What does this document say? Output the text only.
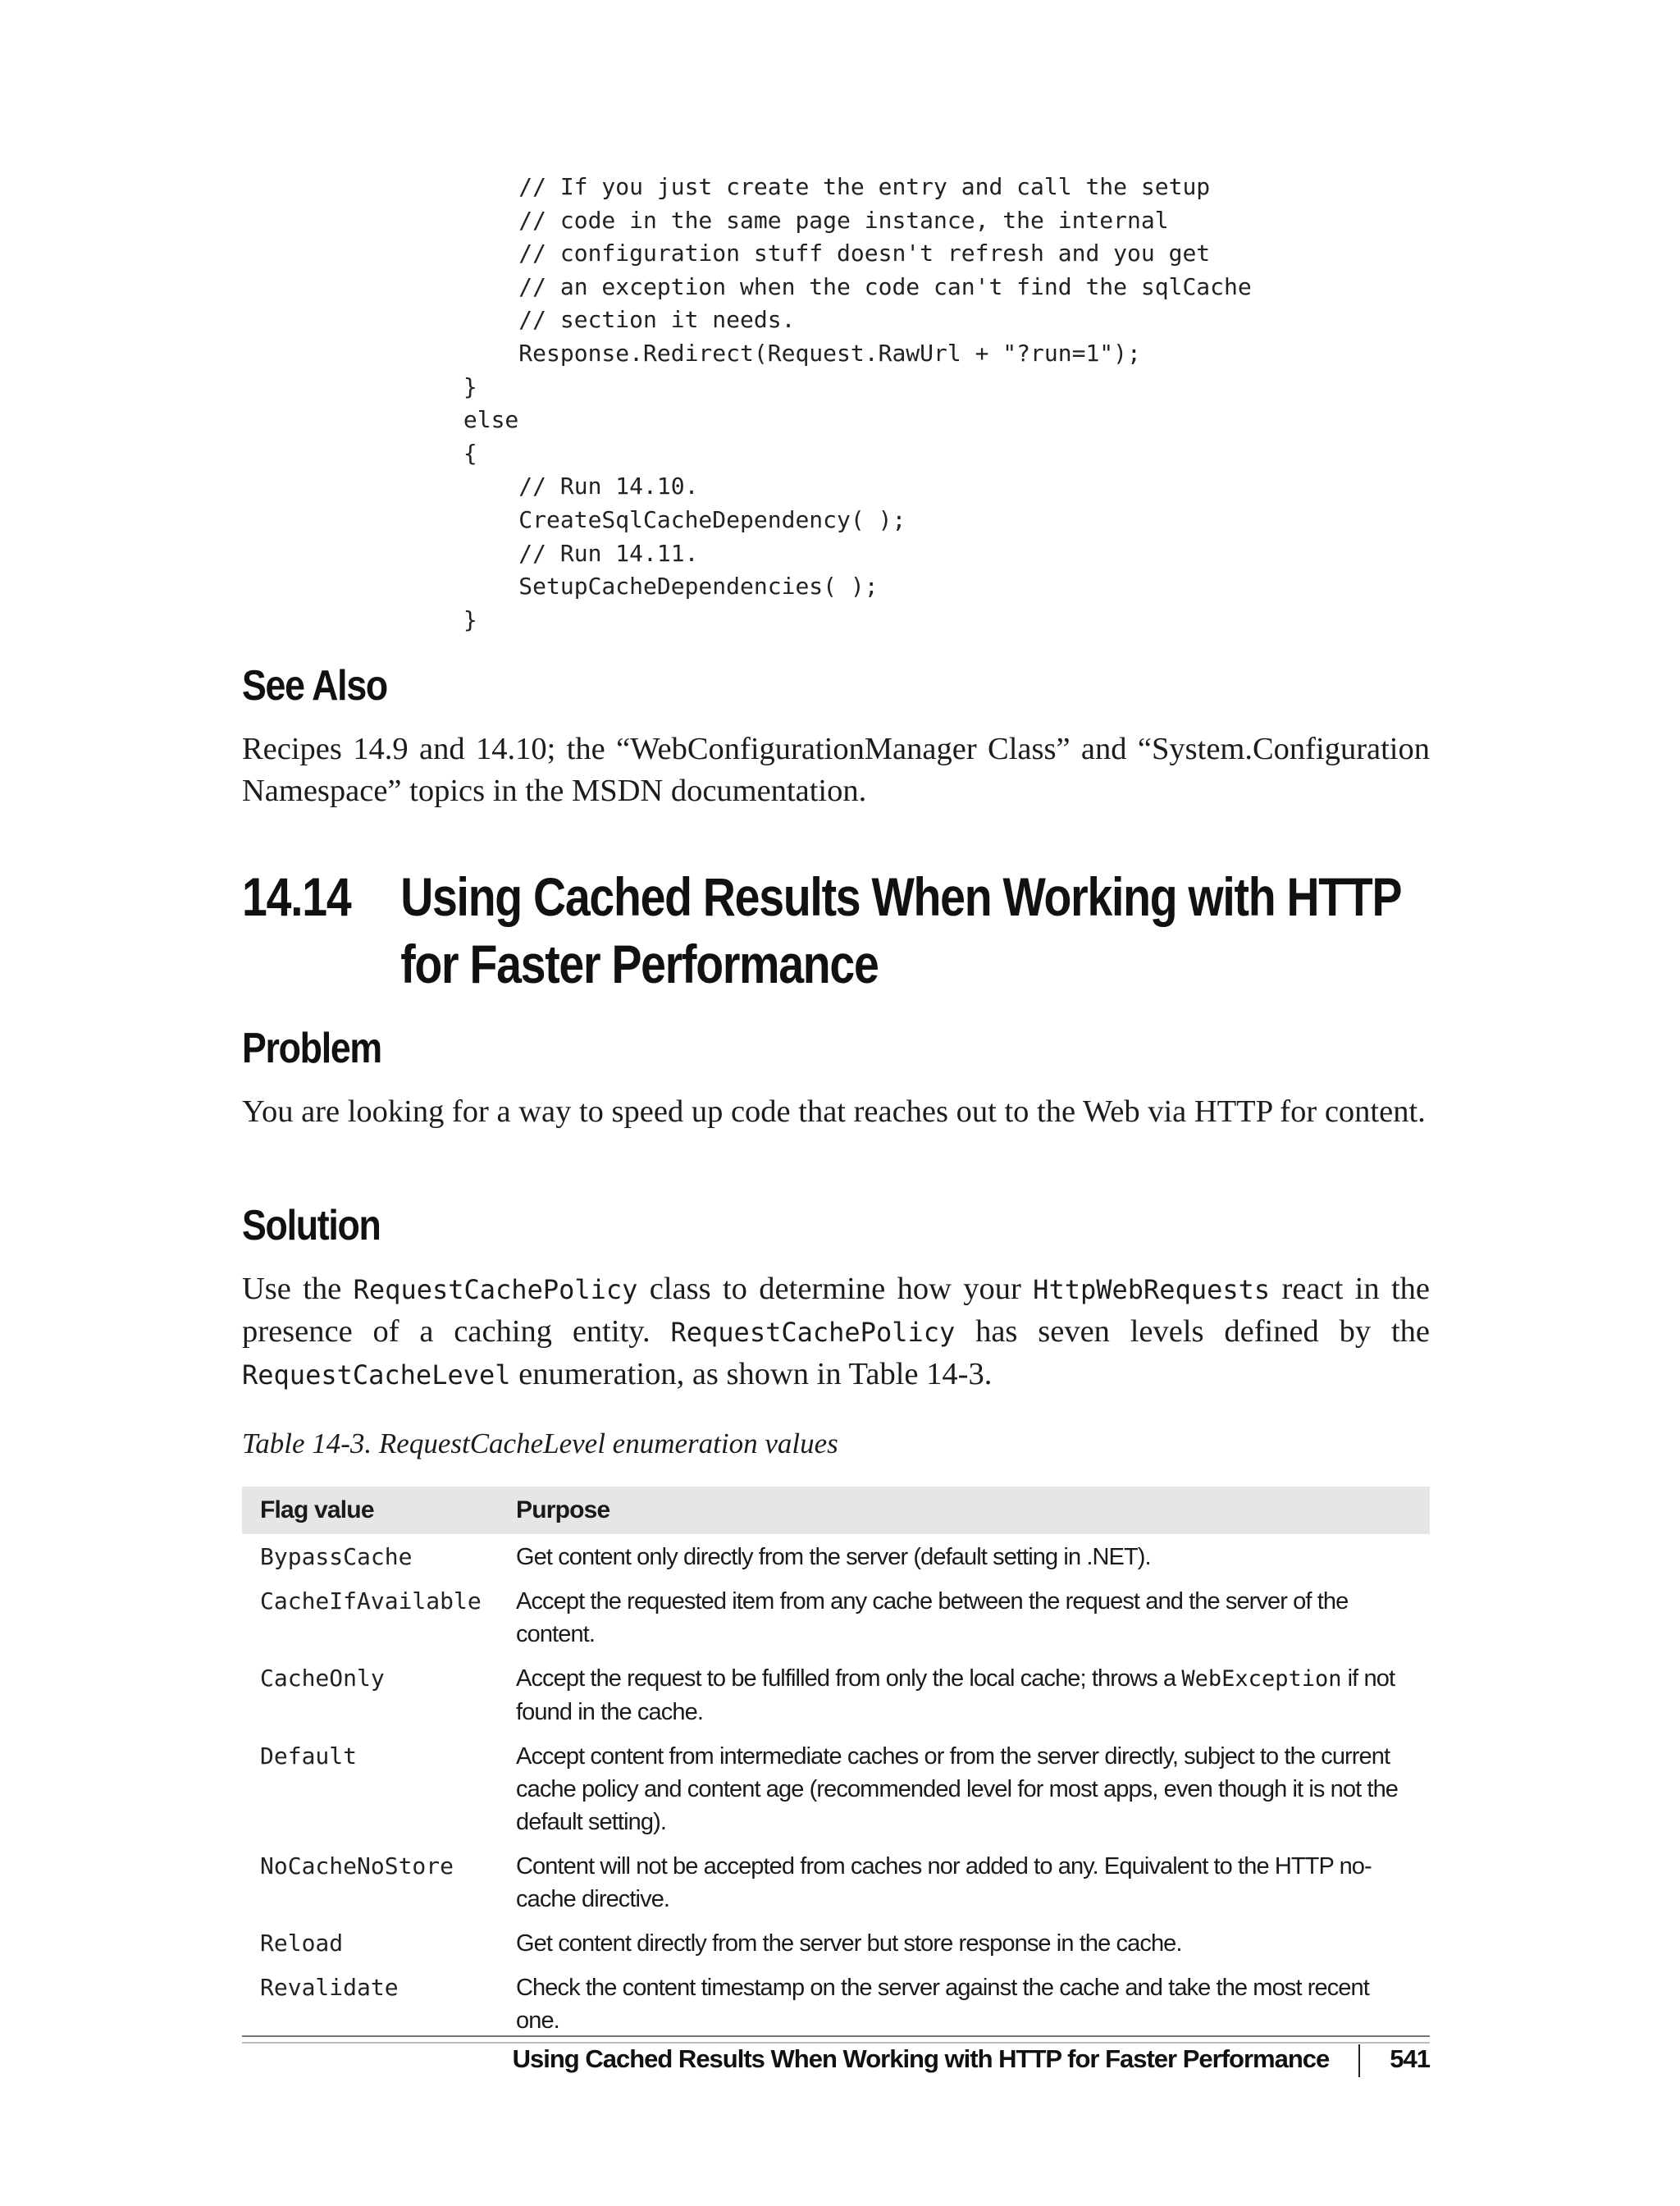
// If you just create the entry and call the setup
// code in the same page instance, the internal
// configuration stuff doesn't refresh and you get
// an exception when the code can't find the sqlCache
// section it needs.
Response.Redirect(Request.RawUrl + "?run=1");
}
else
{
// Run 14.10.
CreateSqlCacheDependency( );
// Run 14.11.
SetupCacheDependencies( );
}
See Also

Recipes 14.9 and 14.10; the “WebConfigurationManager Class” and “System.Configuration Namespace” topics in the MSDN documentation.

14.14 Using Cached Results When Working with HTTP
for Faster Performance
Problem

You are looking for a way to speed up code that reaches out to the Web via HTTP for content.

Solution

Use the RequestCachePolicy class to determine how your HttpWebRequests react in the presence of a caching entity. RequestCachePolicy has seven levels defined by the RequestCacheLevel enumeration, as shown in Table 14-3.

Table 14-3. RequestCacheLevel enumeration values

Flag value	Purpose
BypassCache	Get content only directly from the server (default setting in .NET).
CacheIfAvailable	Accept the requested item from any cache between the request and the server of the content.
CacheOnly	Accept the request to be fulfilled from only the local cache; throws a WebException if not found in the cache.
Default	Accept content from intermediate caches or from the server directly, subject to the current cache policy and content age (recommended level for most apps, even though it is not the default setting).
NoCacheNoStore	Content will not be accepted from caches nor added to any. Equivalent to the HTTP no-cache directive.
Reload	Get content directly from the server but store response in the cache.
Revalidate	Check the content timestamp on the server against the cache and take the most recent one.
Using Cached Results When Working with HTTP for Faster Performance 541
